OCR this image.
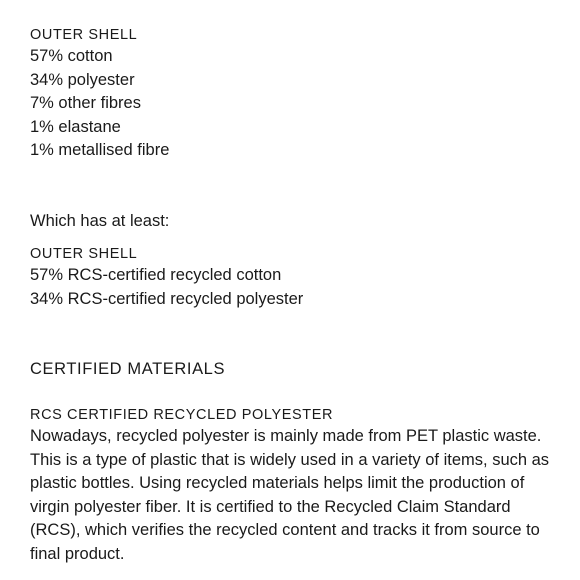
OUTER SHELL

57% cotton

34% polyester

7% other fibres

1% elastane

1% metallised fibre

Which has at least:

OUTER SHELL

57% RCS-certified recycled cotton

34% RCS-certified recycled polyester

CERTIFIED MATERIALS

RCS CERTIFIED RECYCLED POLYESTER

Nowadays, recycled polyester is mainly made from PET plastic waste. This is a type of plastic that is widely used in a variety of items, such as plastic bottles. Using recycled materials helps limit the production of virgin polyester fiber. It is certified to the Recycled Claim Standard (RCS), which verifies the recycled content and tracks it from source to final product.
